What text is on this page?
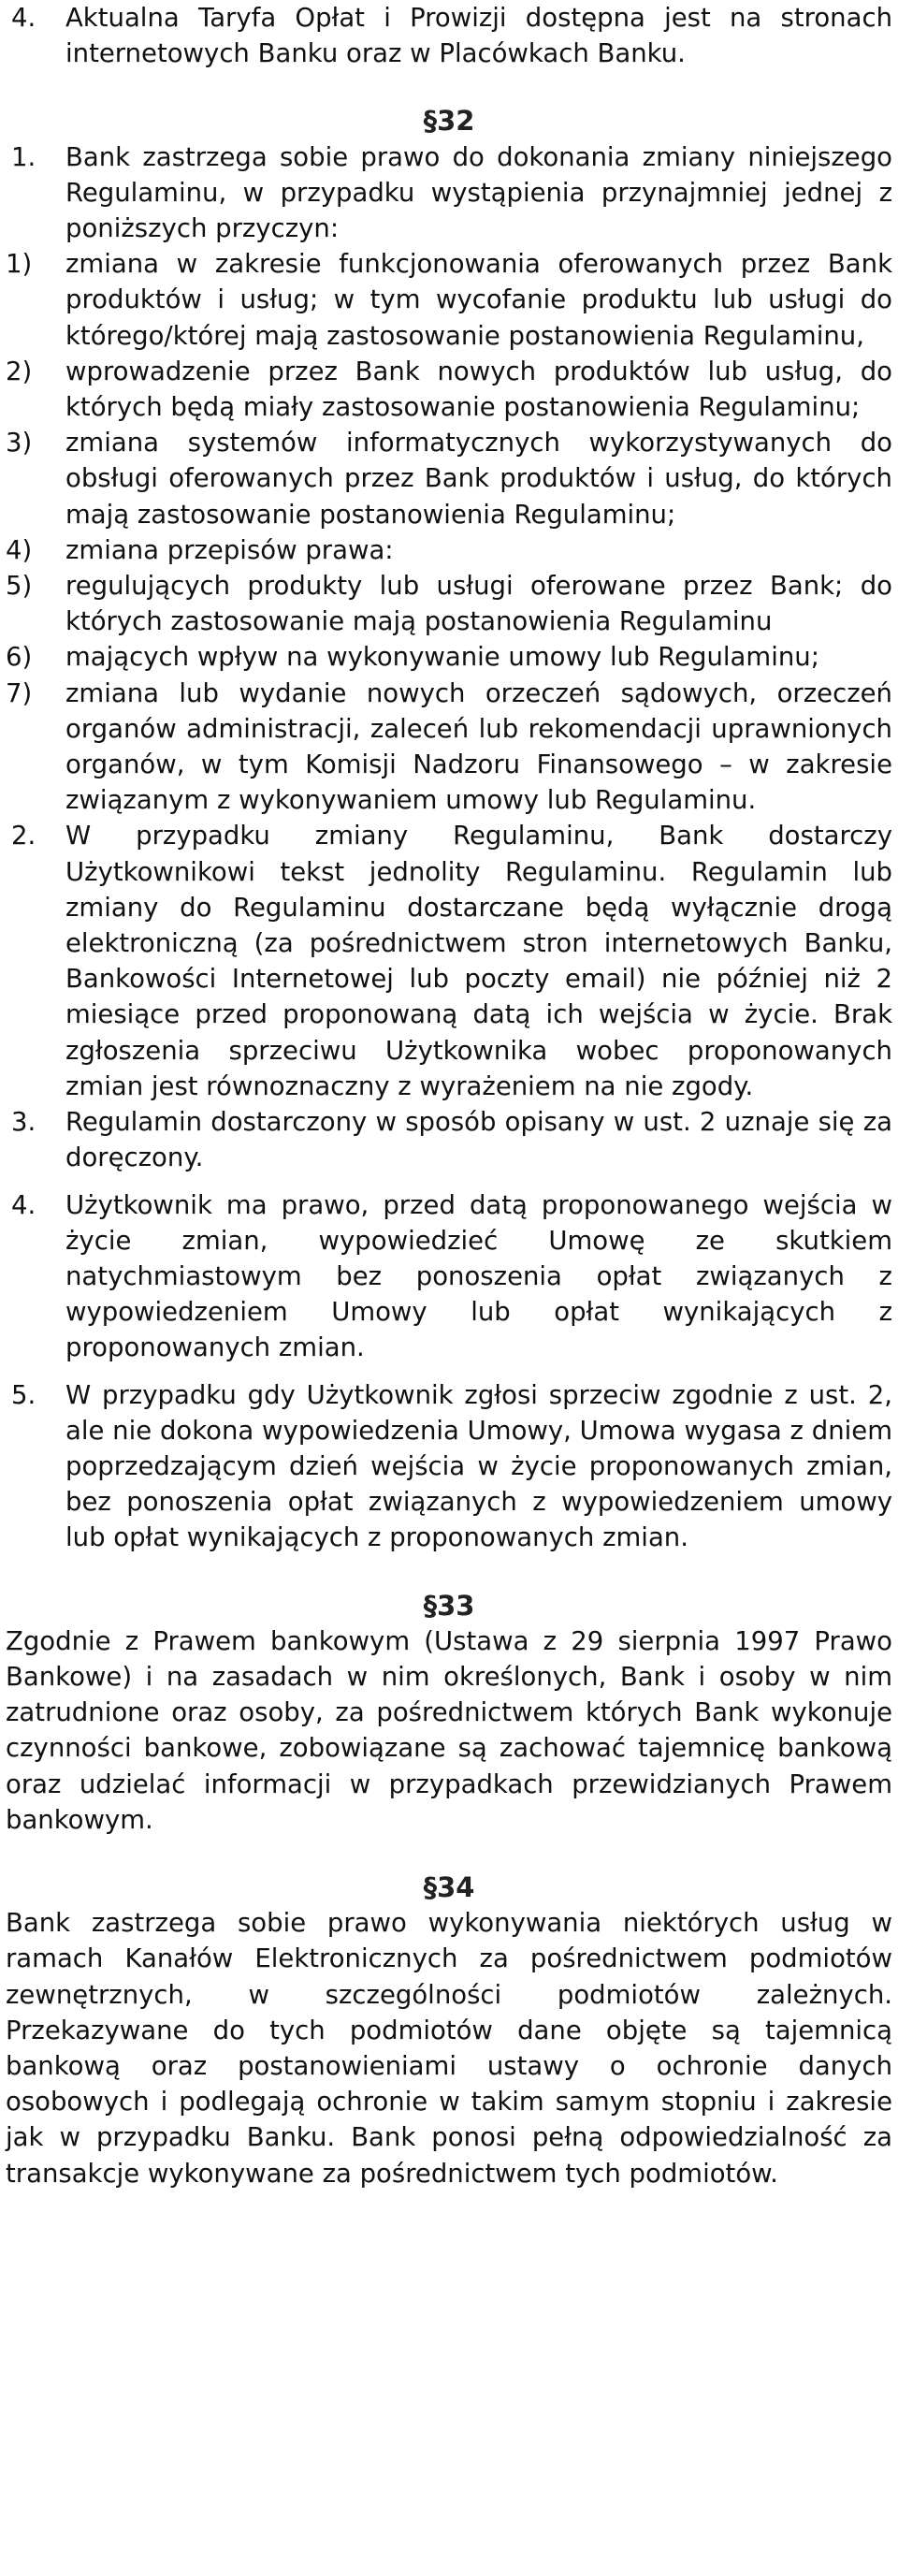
4. Aktualna Taryfa Opłat i Prowizji dostępna jest na stronach internetowych Banku oraz w Placówkach Banku.
§32
1. Bank zastrzega sobie prawo do dokonania zmiany niniejszego Regulaminu, w przypadku wystąpienia przynajmniej jednej z poniższych przyczyn:
1) zmiana w zakresie funkcjonowania oferowanych przez Bank produktów i usług; w tym wycofanie produktu lub usługi do którego/której mają zastosowanie postanowienia Regulaminu,
2) wprowadzenie przez Bank nowych produktów lub usług, do których będą miały zastosowanie postanowienia Regulaminu;
3) zmiana systemów informatycznych wykorzystywanych do obsługi oferowanych przez Bank produktów i usług, do których mają zastosowanie postanowienia Regulaminu;
4) zmiana przepisów prawa:
5) regulujących produkty lub usługi oferowane przez Bank; do których zastosowanie mają postanowienia Regulaminu
6) mających wpływ na wykonywanie umowy lub Regulaminu;
7) zmiana lub wydanie nowych orzeczeń sądowych, orzeczeń organów administracji, zaleceń lub rekomendacji uprawnionych organów, w tym Komisji Nadzoru Finansowego – w zakresie związanym z wykonywaniem umowy lub Regulaminu.
2. W przypadku zmiany Regulaminu, Bank dostarczy Użytkownikowi tekst jednolity Regulaminu. Regulamin lub zmiany do Regulaminu dostarczane będą wyłącznie drogą elektroniczną (za pośrednictwem stron internetowych Banku, Bankowości Internetowej lub poczty email) nie później niż 2 miesiące przed proponowaną datą ich wejścia w życie. Brak zgłoszenia sprzeciwu Użytkownika wobec proponowanych zmian jest równoznaczny z wyrażeniem na nie zgody.
3. Regulamin dostarczony w sposób opisany w ust. 2 uznaje się za doręczony.
4. Użytkownik ma prawo, przed datą proponowanego wejścia w życie zmian, wypowiedzieć Umowę ze skutkiem natychmiastowym bez ponoszenia opłat związanych z wypowiedzeniem Umowy lub opłat wynikających z proponowanych zmian.
5. W przypadku gdy Użytkownik zgłosi sprzeciw zgodnie z ust. 2, ale nie dokona wypowiedzenia Umowy, Umowa wygasa z dniem poprzedzającym dzień wejścia w życie proponowanych zmian, bez ponoszenia opłat związanych z wypowiedzeniem umowy lub opłat wynikających z proponowanych zmian.
§33
Zgodnie z Prawem bankowym (Ustawa z 29 sierpnia 1997 Prawo Bankowe) i na zasadach w nim określonych, Bank i osoby w nim zatrudnione oraz osoby, za pośrednictwem których Bank wykonuje czynności bankowe, zobowiązane są zachować tajemnicę bankową oraz udzielać informacji w przypadkach przewidzianych Prawem bankowym.
§34
Bank zastrzega sobie prawo wykonywania niektórych usług w ramach Kanałów Elektronicznych za pośrednictwem podmiotów zewnętrznych, w szczególności podmiotów zależnych. Przekazywane do tych podmiotów dane objęte są tajemnicą bankową oraz postanowieniami ustawy o ochronie danych osobowych i podlegają ochronie w takim samym stopniu i zakresie jak w przypadku Banku. Bank ponosi pełną odpowiedzialność za transakcje wykonywane za pośrednictwem tych podmiotów.
